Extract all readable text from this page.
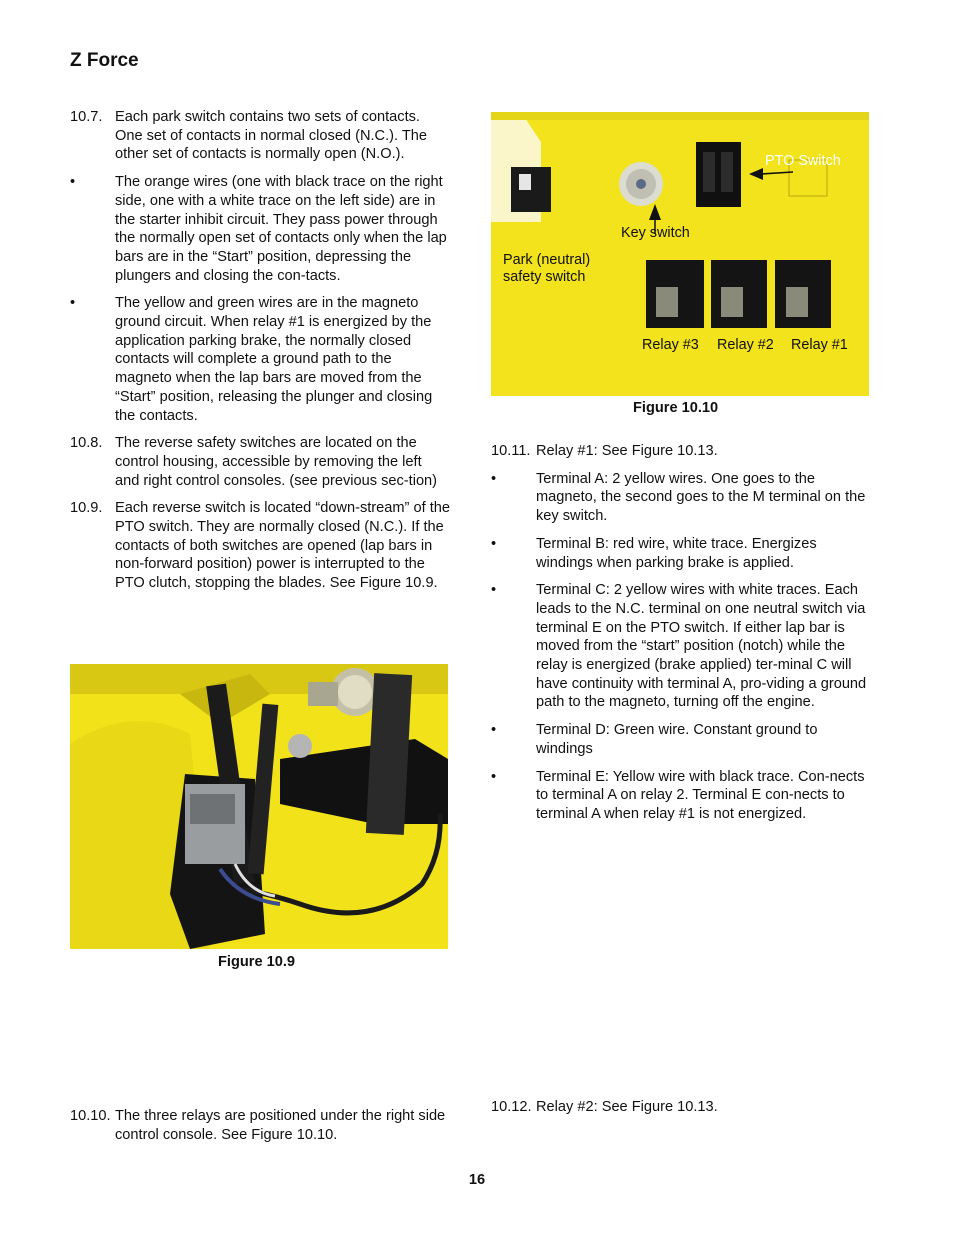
Z Force
10.7. Each park switch contains two sets of contacts. One set of contacts in normal closed (N.C.). The other set of contacts is normally open (N.O.).
•	The orange wires (one with black trace on the right side, one with a white trace on the left side) are in the starter inhibit circuit. They pass power through the normally open set of contacts only when the lap bars are in the “Start” position, depressing the plungers and closing the con-tacts.
•	The yellow and green wires are in the magneto ground circuit. When relay #1 is energized by the application parking brake, the normally closed contacts will complete a ground path to the magneto when the lap bars are moved from the “Start” position, releasing the plunger and closing the contacts.
10.8. The reverse safety switches are located on the control housing, accessible by removing the left and right control consoles. (see previous sec-tion)
10.9. Each reverse switch is located “down-stream” of the PTO switch. They are normally closed (N.C.). If the contacts of both switches are opened (lap bars in non-forward position) power is interrupted to the PTO clutch, stopping the blades. See Figure 10.9.
Figure 10.9
10.10. The three relays are positioned under the right side control console. See Figure 10.10.
PTO Switch
Key switch
Park (neutral)
safety switch
Relay #3 Relay #2 Relay #1
Figure 10.10
10.11. Relay #1: See Figure 10.13.
•	Terminal A: 2 yellow wires. One goes to the magneto, the second goes to the M terminal on the key switch.
•	Terminal B: red wire, white trace. Energizes windings when parking brake is applied.
•	Terminal C: 2 yellow wires with white traces. Each leads to the N.C. terminal on one neutral switch via terminal E on the PTO switch. If either lap bar is moved from the “start” position (notch) while the relay is energized (brake applied) ter-minal C will have continuity with terminal A, pro-viding a ground path to the magneto, turning off the engine.
•	Terminal D: Green wire. Constant ground to windings
•	Terminal E: Yellow wire with black trace. Con-nects to terminal A on relay 2. Terminal E con-nects to terminal A when relay #1 is not energized.
10.12. Relay #2: See Figure 10.13.
16
